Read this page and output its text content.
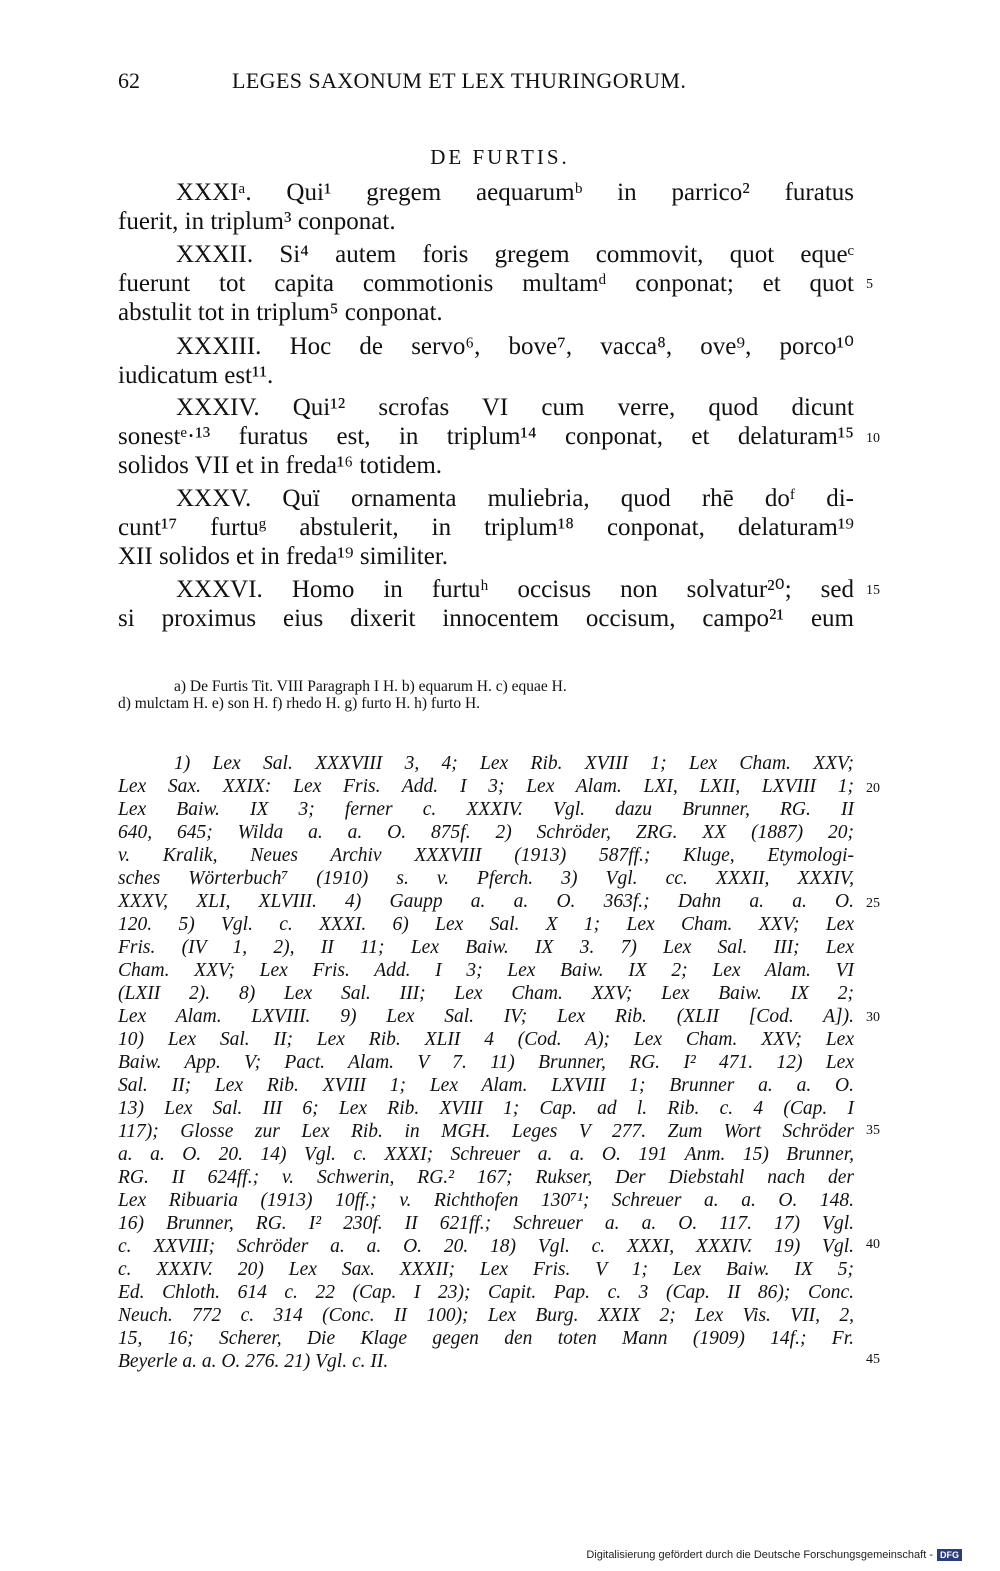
62	LEGES SAXONUM ET LEX THURINGORUM.
DE FURTIS.
XXXIᵃ. Qui¹ gregem aequarumᵇ in parrico² furatus
fuerit, in triplum³ conponat.
XXXII. Si⁴ autem foris gregem commovit, quot equeᶜ
fuerunt tot capita commotionis multamᵈ conponat; et quot
abstulit tot in triplum⁵ conponat.
XXXIII. Hoc de servo⁶, bove⁷, vacca⁸, ove⁹, porco¹⁰
iudicatum est¹¹.
XXXIV. Qui¹² scrofas VI cum verre, quod dicunt
sonestᵉ·¹³ furatus est, in triplum¹⁴ conponat, et delaturam¹⁵
solidos VII et in freda¹⁶ totidem.
XXXV. Quï ornamenta muliebria, quod rhē doᶠ di-
cunt¹⁷ furtuᵍ abstulerit, in triplum¹⁸ conponat, delaturam¹⁹
XII solidos et in freda¹⁹ similiter.
XXXVI. Homo in furtuʰ occisus non solvatur²⁰; sed
si proximus eius dixerit innocentem occisum, campo²¹ eum
5
10
15
a) De Furtis Tit. VIII Paragraph I H. b) equarum H. c) equae H.
d) mulctam H. e) son H. f) rhedo H. g) furto H. h) furto H.
1) Lex Sal. XXXVIII 3, 4; Lex Rib. XVIII 1; Lex Cham. XXV;
Lex Sax. XXIX: Lex Fris. Add. I 3; Lex Alam. LXI, LXII, LXVIII 1;
Lex Baiw. IX 3; ferner c. XXXIV. Vgl. dazu Brunner, RG. II
640, 645; Wilda a. a. O. 875f. 2) Schröder, ZRG. XX (1887) 20;
v. Kralik, Neues Archiv XXXVIII (1913) 587ff.; Kluge, Etymologi-
sches Wörterbuch⁷ (1910) s. v. Pferch. 3) Vgl. cc. XXXII, XXXIV,
XXXV, XLI, XLVIII. 4) Gaupp a. a. O. 363f.; Dahn a. a. O.
120. 5) Vgl. c. XXXI. 6) Lex Sal. X 1; Lex Cham. XXV; Lex
Fris. (IV 1, 2), II 11; Lex Baiw. IX 3. 7) Lex Sal. III; Lex
Cham. XXV; Lex Fris. Add. I 3; Lex Baiw. IX 2; Lex Alam. VI
(LXII 2). 8) Lex Sal. III; Lex Cham. XXV; Lex Baiw. IX 2;
Lex Alam. LXVIII. 9) Lex Sal. IV; Lex Rib. (XLII [Cod. A]).
10) Lex Sal. II; Lex Rib. XLII 4 (Cod. A); Lex Cham. XXV; Lex
Baiw. App. V; Pact. Alam. V 7. 11) Brunner, RG. I² 471. 12) Lex
Sal. II; Lex Rib. XVIII 1; Lex Alam. LXVIII 1; Brunner a. a. O.
13) Lex Sal. III 6; Lex Rib. XVIII 1; Cap. ad l. Rib. c. 4 (Cap. I
117); Glosse zur Lex Rib. in MGH. Leges V 277. Zum Wort Schröder
a. a. O. 20. 14) Vgl. c. XXXI; Schreuer a. a. O. 191 Anm. 15) Brunner,
RG. II 624ff.; v. Schwerin, RG.² 167; Rukser, Der Diebstahl nach der
Lex Ribuaria (1913) 10ff.; v. Richthofen 130⁷¹; Schreuer a. a. O. 148.
16) Brunner, RG. I² 230f. II 621ff.; Schreuer a. a. O. 117. 17) Vgl.
c. XXVIII; Schröder a. a. O. 20. 18) Vgl. c. XXXI, XXXIV. 19) Vgl.
c. XXXIV. 20) Lex Sax. XXXII; Lex Fris. V 1; Lex Baiw. IX 5;
Ed. Chloth. 614 c. 22 (Cap. I 23); Capit. Pap. c. 3 (Cap. II 86); Conc.
Neuch. 772 c. 314 (Conc. II 100); Lex Burg. XXIX 2; Lex Vis. VII, 2,
15, 16; Scherer, Die Klage gegen den toten Mann (1909) 14f.; Fr.
Beyerle a. a. O. 276. 21) Vgl. c. II.
20
25
30
35
40
45
Digitalisierung gefördert durch die Deutsche Forschungsgemeinschaft - DFG
